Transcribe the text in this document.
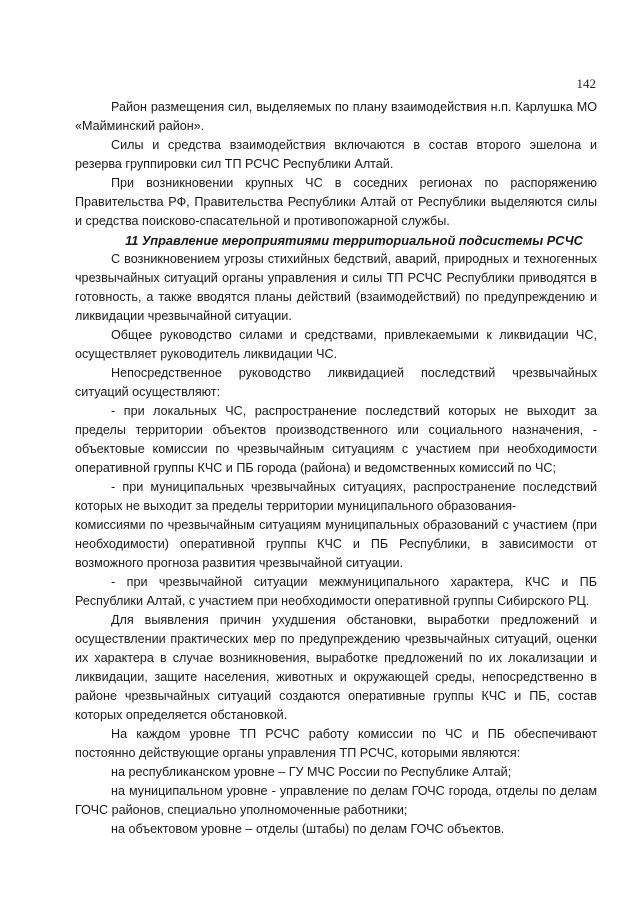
142

Район размещения сил, выделяемых по плану взаимодействия н.п. Карлушка МО «Майминский район».

Силы и средства взаимодействия включаются в состав второго эшелона и резерва группировки сил ТП РСЧС Республики Алтай.

При возникновении крупных ЧС в соседних регионах по распоряжению Правительства РФ, Правительства Республики Алтай от Республики выделяются силы и средства поисково-спасательной и противопожарной службы.

11 Управление мероприятиями территориальной подсистемы РСЧС

С возникновением угрозы стихийных бедствий, аварий, природных и техногенных чрезвычайных ситуаций органы управления и силы ТП РСЧС Республики приводятся в готовность, а также вводятся планы действий (взаимодействий) по предупреждению и ликвидации чрезвычайной ситуации.

Общее руководство силами и средствами, привлекаемыми к ликвидации ЧС, осуществляет руководитель ликвидации ЧС.

Непосредственное руководство ликвидацией последствий чрезвычайных ситуаций осуществляют:

- при локальных ЧС, распространение последствий которых не выходит за пределы территории объектов производственного или социального назначения, - объектовые комиссии по чрезвычайным ситуациям с участием при необходимости оперативной группы КЧС и ПБ города (района) и ведомственных комиссий по ЧС;

- при муниципальных чрезвычайных ситуациях, распространение последствий которых не выходит за пределы территории муниципального образования-

комиссиями по чрезвычайным ситуациям муниципальных образований с участием (при необходимости) оперативной группы КЧС и ПБ Республики, в зависимости от возможного прогноза развития чрезвычайной ситуации.

- при чрезвычайной ситуации межмуниципального характера, КЧС и ПБ Республики Алтай, с участием при необходимости оперативной группы Сибирского РЦ.

Для выявления причин ухудшения обстановки, выработки предложений и осуществлении практических мер по предупреждению чрезвычайных ситуаций, оценки их характера в случае возникновения, выработке предложений по их локализации и ликвидации, защите населения, животных и окружающей среды, непосредственно в районе чрезвычайных ситуаций создаются оперативные группы КЧС и ПБ, состав которых определяется обстановкой.

На каждом уровне ТП РСЧС работу комиссии по ЧС и ПБ обеспечивают постоянно действующие органы управления ТП РСЧС, которыми являются:

на республиканском уровне – ГУ МЧС России по Республике Алтай;

на муниципальном уровне - управление по делам ГОЧС города, отделы по делам ГОЧС районов, специально уполномоченные работники;

на объектовом уровне – отделы (штабы) по делам ГОЧС объектов.
